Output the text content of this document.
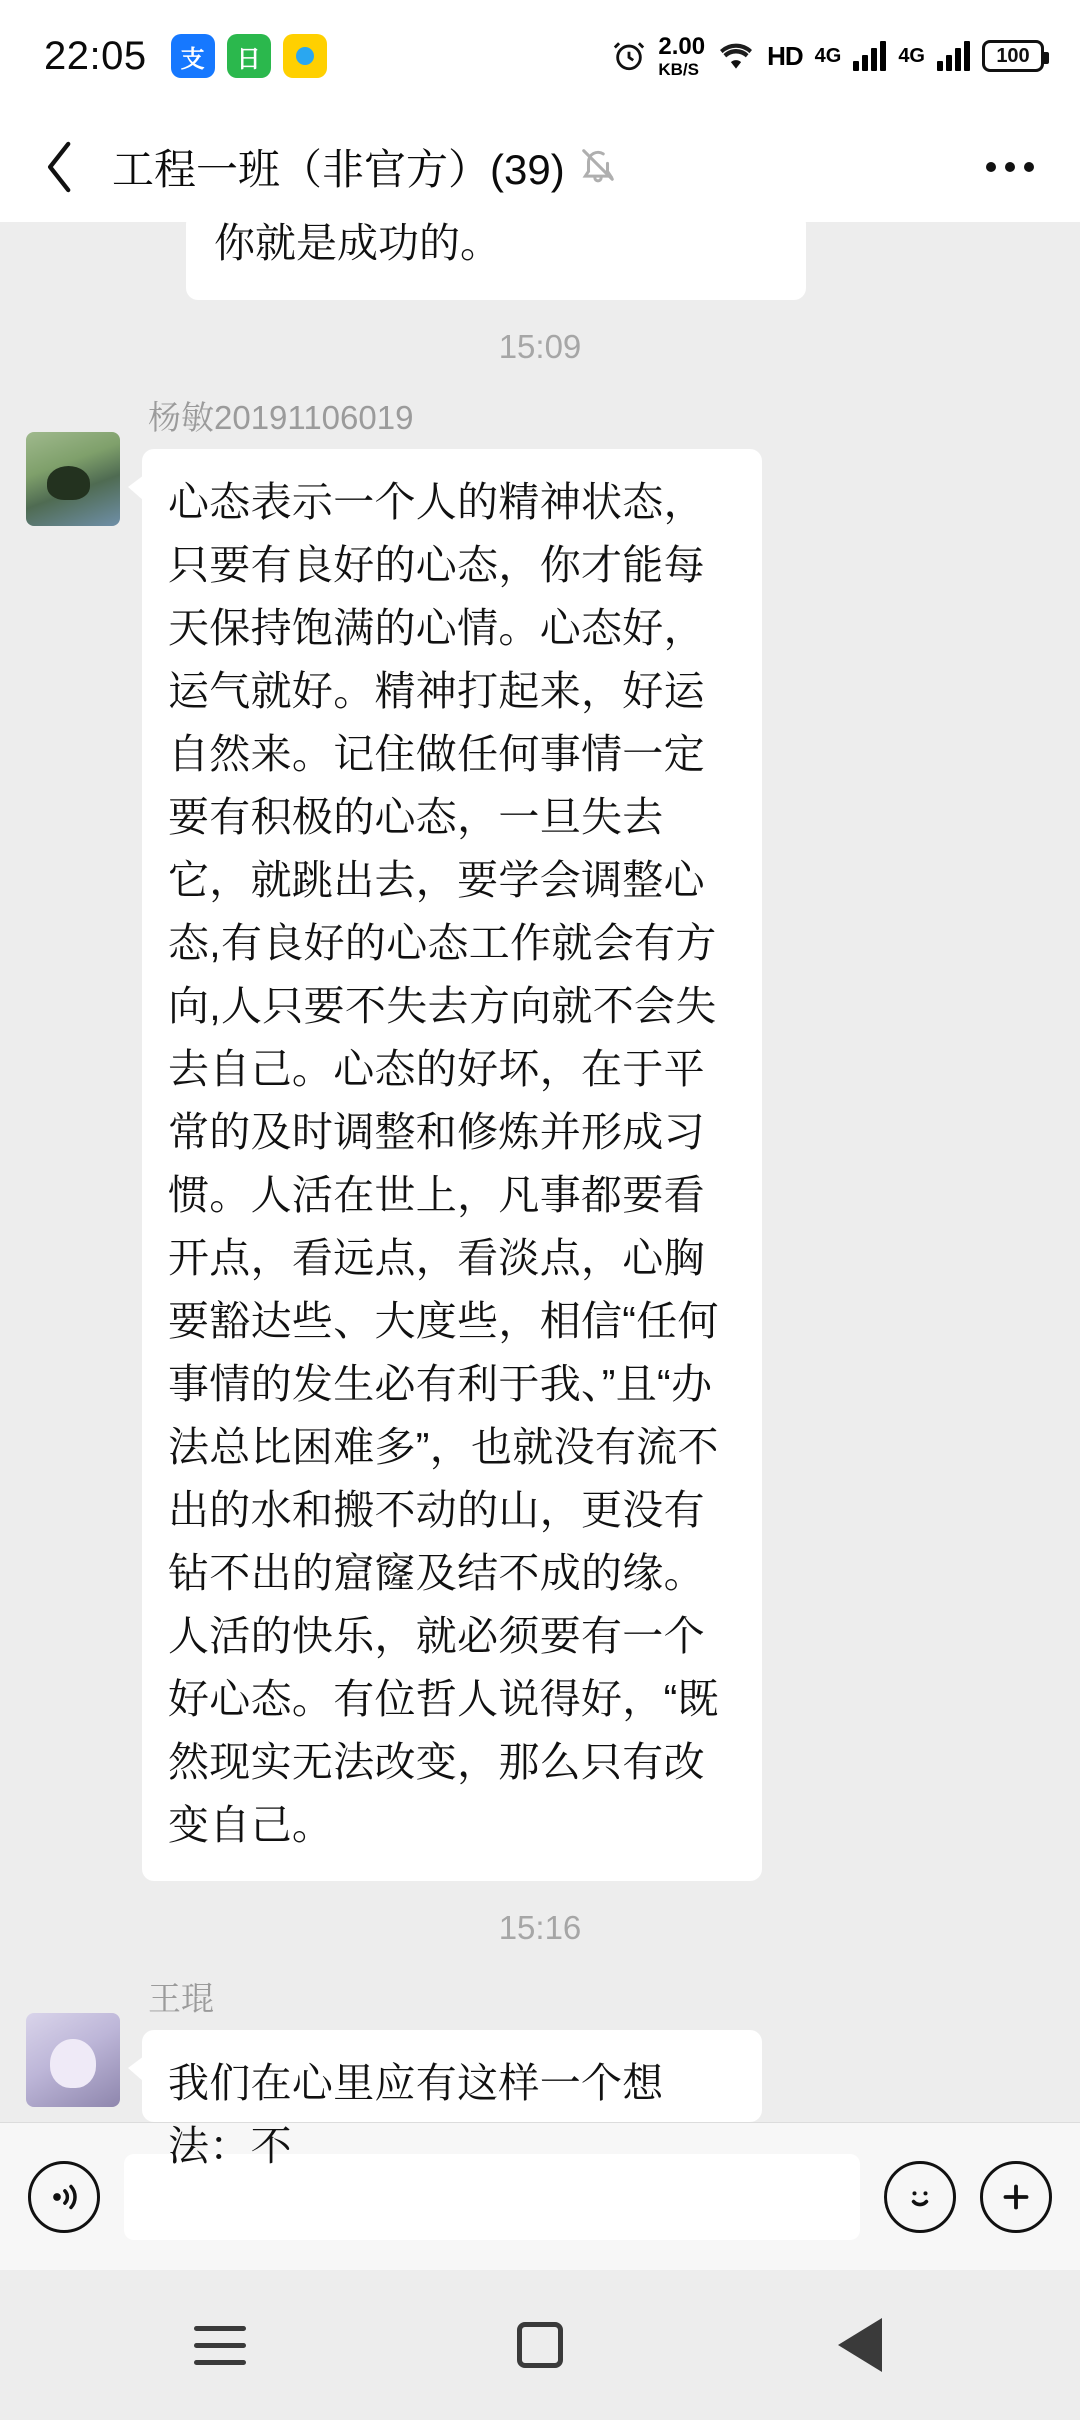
22:05	支	日	2.00
KB/S	HD 4G	4G	100
工程一班（非官方）(39)
你就是成功的。
15:09
杨敏20191106019
心态表示一个人的精神状态，只要有良好的心态，你才能每天保持饱满的心情。心态好，运气就好。精神打起来，好运自然来。记住做任何事情一定要有积极的心态，一旦失去它，就跳出去，要学会调整心态,有良好的心态工作就会有方向,人只要不失去方向就不会失去自己。心态的好坏，在于平常的及时调整和修炼并形成习惯。人活在世上，凡事都要看开点，看远点，看淡点，心胸要豁达些、大度些，相信“任何事情的发生必有利于我、”且“办法总比困难多”，也就没有流不出的水和搬不动的山，更没有钻不出的窟窿及结不成的缘。人活的快乐，就必须要有一个好心态。有位哲人说得好，“既然现实无法改变，那么只有改变自己。
15:16
王琨
我们在心里应有这样一个想法：不
